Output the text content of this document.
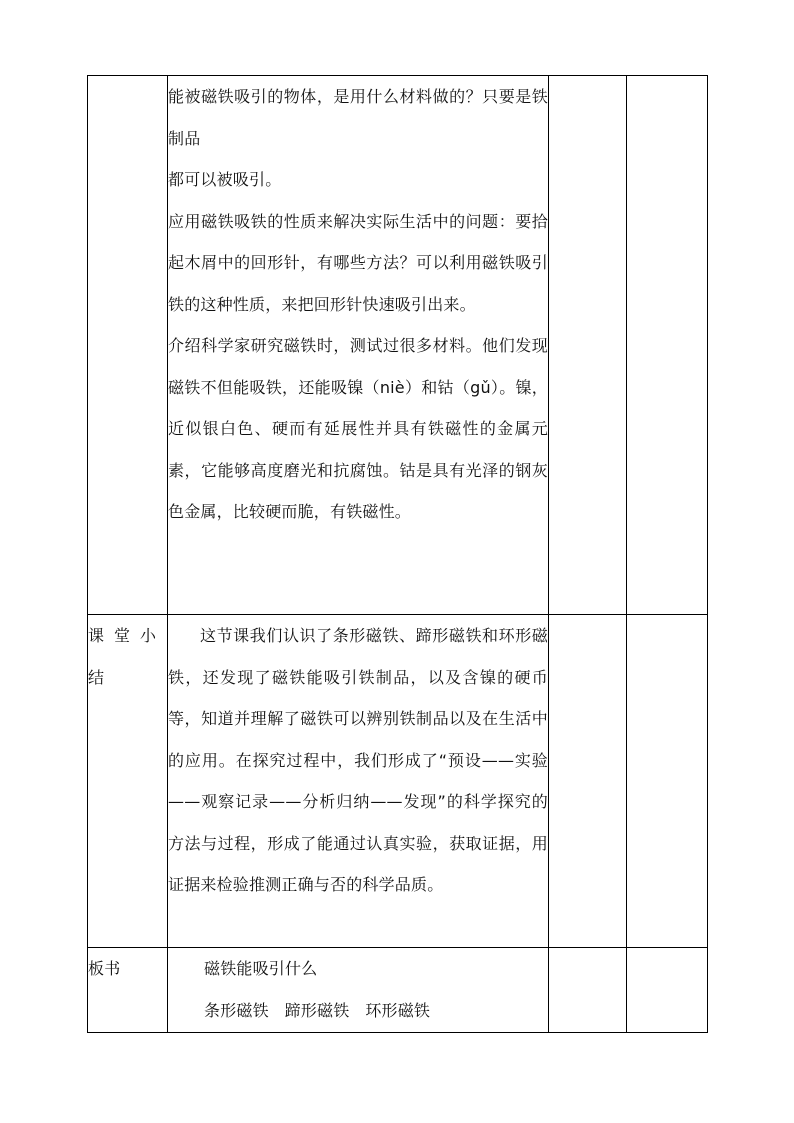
	能被磁铁吸引的物体，是用什么材料做的？只要是铁制品

都可以被吸引。

应用磁铁吸铁的性质来解决实际生活中的问题：要拾起木屑中的回形针，有哪些方法？可以利用磁铁吸引铁的这种性质，来把回形针快速吸引出来。

介绍科学家研究磁铁时，测试过很多材料。他们发现磁铁不但能吸铁，还能吸镍（niè）和钴（gǔ）。镍，近似银白色、硬而有延展性并具有铁磁性的金属元素，它能够高度磨光和抗腐蚀。钴是具有光泽的钢灰色金属，比较硬而脆，有铁磁性。		

课堂小结	这节课我们认识了条形磁铁、蹄形磁铁和环形磁铁，还发现了磁铁能吸引铁制品，以及含镍的硬币等，知道并理解了磁铁可以辨别铁制品以及在生活中的应用。在探究过程中，我们形成了“预设——实验——观察记录——分析归纳——发现”的科学探究的方法与过程，形成了能通过认真实验，获取证据，用证据来检验推测正确与否的科学品质。		

板书	磁铁能吸引什么

条形磁铁   蹄形磁铁   环形磁铁		
